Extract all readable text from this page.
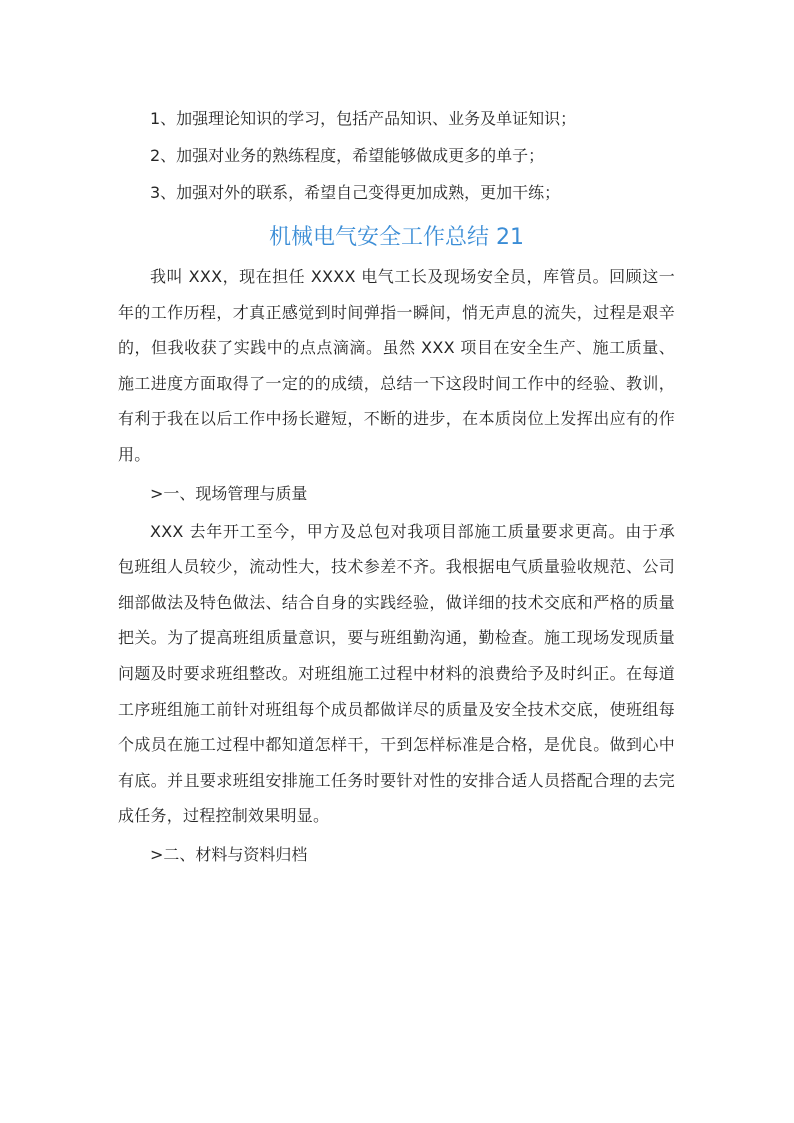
1、加强理论知识的学习，包括产品知识、业务及单证知识；

2、加强对业务的熟练程度，希望能够做成更多的单子；

3、加强对外的联系，希望自己变得更加成熟，更加干练；

机械电气安全工作总结 21

我叫 XXX，现在担任 XXXX 电气工长及现场安全员，库管员。回顾这一年的工作历程，才真正感觉到时间弹指一瞬间，悄无声息的流失，过程是艰辛的，但我收获了实践中的点点滴滴。虽然 XXX 项目在安全生产、施工质量、施工进度方面取得了一定的的成绩，总结一下这段时间工作中的经验、教训，有利于我在以后工作中扬长避短，不断的进步，在本质岗位上发挥出应有的作用。

>一、现场管理与质量

XXX 去年开工至今，甲方及总包对我项目部施工质量要求更高。由于承包班组人员较少，流动性大，技术参差不齐。我根据电气质量验收规范、公司细部做法及特色做法、结合自身的实践经验，做详细的技术交底和严格的质量把关。为了提高班组质量意识，要与班组勤沟通，勤检查。施工现场发现质量问题及时要求班组整改。对班组施工过程中材料的浪费给予及时纠正。在每道工序班组施工前针对班组每个成员都做详尽的质量及安全技术交底，使班组每个成员在施工过程中都知道怎样干，干到怎样标准是合格，是优良。做到心中有底。并且要求班组安排施工任务时要针对性的安排合适人员搭配合理的去完成任务，过程控制效果明显。

>二、材料与资料归档
